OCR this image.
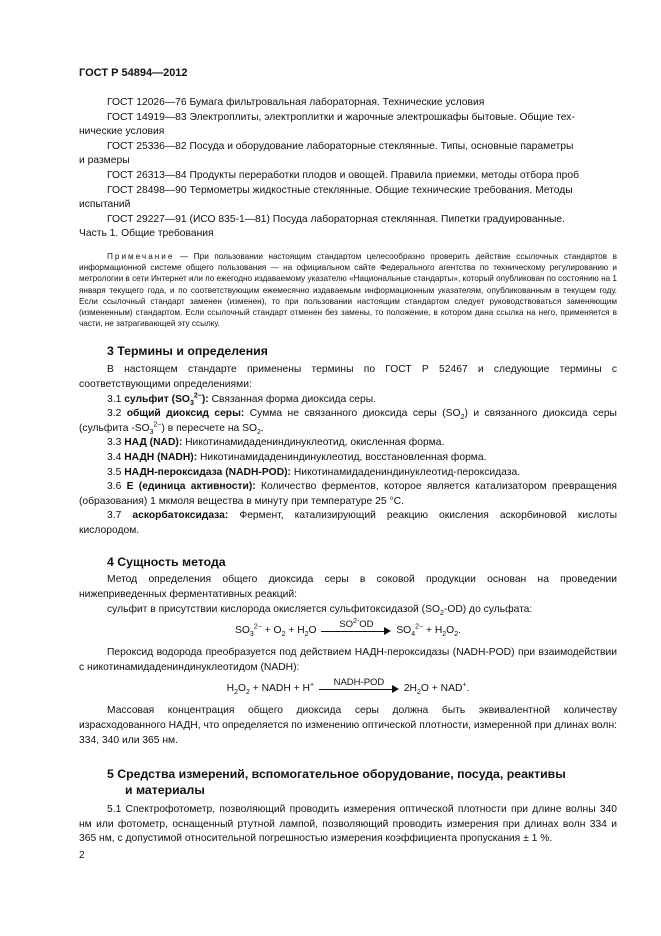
ГОСТ Р 54894—2012

ГОСТ 12026—76 Бумага фильтровальная лабораторная. Технические условия

ГОСТ 14919—83 Электроплиты, электроплитки и жарочные электрошкафы бытовые. Общие тех-

нические условия

ГОСТ 25336—82 Посуда и оборудование лабораторные стеклянные. Типы, основные параметры

и размеры

ГОСТ 26313—84 Продукты переработки плодов и овощей. Правила приемки, методы отбора проб

ГОСТ 28498—90 Термометры жидкостные стеклянные. Общие технические требования. Методы

испытаний

ГОСТ 29227—91 (ИСО 835-1—81) Посуда лабораторная стеклянная. Пипетки градуированные.

Часть 1. Общие требования

Примечание — При пользовании настоящим стандартом целесообразно проверить действие ссылочных стандартов в информационной системе общего пользования — на официальном сайте Федерального агентства по техническому регулированию и метрологии в сети Интернет или по ежегодно издаваемому указателю «Национальные стандарты», который опубликован по состоянию на 1 января текущего года, и по соответствующим ежемесячно издаваемым информационным указателям, опубликованным в текущем году. Если ссылочный стандарт заменен (изменен), то при пользовании настоящим стандартом следует руководствоваться заменяющим (измененным) стандартом. Если ссылочный стандарт отменен без замены, то положение, в котором дана ссылка на него, применяется в части, не затрагивающей эту ссылку.

3 Термины и определения

В настоящем стандарте применены термины по ГОСТ Р 52467 и следующие термины с соответствующими определениями:

3.1 сульфит $(SO_3^{2-})$: Связанная форма диоксида серы.

3.2 общий диоксид серы: Сумма не связанного диоксида серы $(SO_2)$ и связанного диоксида серы (сульфита $-SO_3^{2-}$) в пересчете на $SO_2$.

3.3 НАД (NAD): Никотинамидадениндинуклеотид, окисленная форма.

3.4 НАДН (NADH): Никотинамидадениндинуклеотид, восстановленная форма.

3.5 НАДН-пероксидаза (NADH-POD): Никотинамидадениндинуклеотид-пероксидаза.

3.6 Е (единица активности): Количество ферментов, которое является катализатором превращения (образования) 1 мкмоля вещества в минуту при температуре 25 °С.

3.7 аскорбатоксидаза: Фермент, катализирующий реакцию окисления аскорбиновой кислоты кислородом.

4 Сущность метода

Метод определения общего диоксида серы в соковой продукции основан на проведении нижеприведенных ферментативных реакций:

сульфит в присутствии кислорода окисляется сульфитоксидазой $(SO_2-OD)$ до сульфата:

$SO_3^{2-} + O_2 + H_2O$
$SO^{2-}OD$
$SO_4^{2-} + H_2O_2$.

Пероксид водорода преобразуется под действием НАДН-пероксидазы (NADH-POD) при взаимодействии с никотинамидадениндинуклеотидом (NADH):

$H_2O_2$ + NADH + H+	NADH-POD
$2H_2O + NAD^+$.

Массовая концентрация общего диоксида серы должна быть эквивалентной количеству израсходованного НАДН, что определяется по изменению оптической плотности, измеренной при длинах волн: 334, 340 или 365 нм.

5 Средства измерений, вспомогательное оборудование, посуда, реактивы
и материалы

5.1 Спектрофотометр, позволяющий проводить измерения оптической плотности при длине волны 340 нм или фотометр, оснащенный ртутной лампой, позволяющий проводить измерения при длинах волн 334 и 365 нм, с допустимой относительной погрешностью измерения коэффициента пропускания ± 1 %.

2
